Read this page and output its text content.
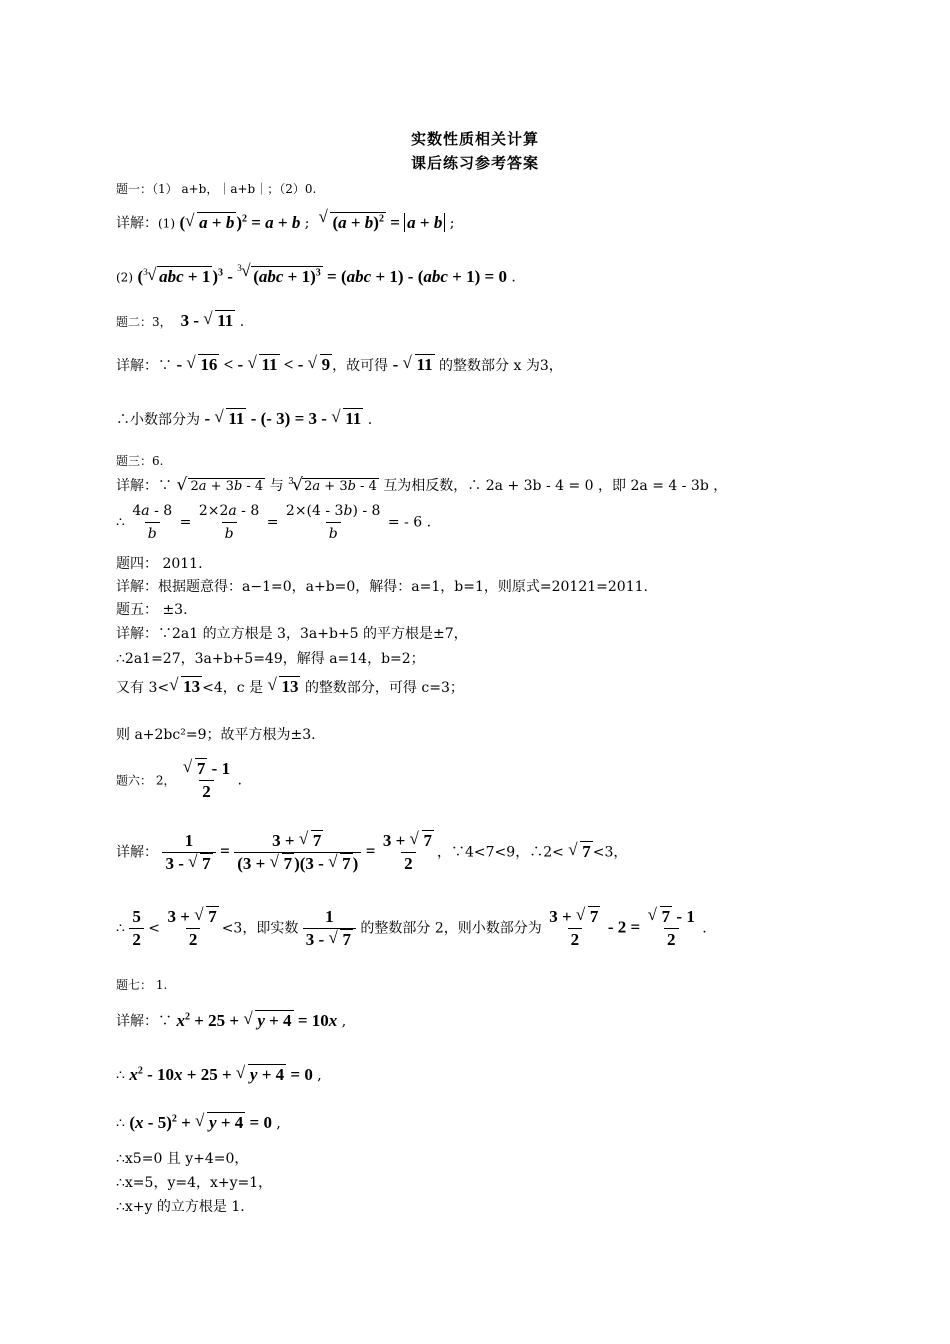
实数性质相关计算
课后练习参考答案
题一：（1） a+b，｜a+b｜；（2）0.
详解：(1) ( √ a + b )$^2$ = a + b ;  √ $(a + b)^2 = a + b$ ;
(2) ( √ 3 abc + 1 )$^3$ - √ 3 (abc + 1)$^3$ = (abc + 1) - (abc + 1) = 0 .
题二：3， 3 - √ 11 .
详解：∵ - √ 16 < - √ 11 < - √ 9 ，故可得 - √ 11 的整数部分 x 为3，
∴小数部分为 - √ 11 - (- 3) = 3 - √ 11 .
题三：6.
详解：∵ √ 2a + 3b - 4 与 √ 3 2a + 3b - 4 互为相反数，∴ 2a + 3b - 4 = 0 ，即 2a = 4 - 3b ，
∴ $\frac{4a - 8}{b} = \frac{2\times 2a - 8}{b} = \frac{2\times(4 - 3b) - 8}{b}$ = - 6 .
题四： 2011.
详解：根据题意得：a−1=0，a+b=0，解得：a=1，b=1，则原式=20121=2011.
题五： ±3.
详解：∵2a1 的立方根是 3，3a+b+5 的平方根是±7，
∴2a1=27，3a+b+5=49，解得 a=14，b=2；
又有 3< √ 13 <4，c 是 √ 13 的整数部分，可得 c=3；
则 a+2bc²=9；故平方根为±3.
题六： 2， √ $\frac{7 - 1}{2}$ .
详解： $\frac{1}{3 - √ 7} = \frac{3 + √ 7}{(3 + √ 7 )(3 - √ 7 )} = \frac{3 + √ 7}{2}$ ，∵4<7<9，∴2< √ 7 <3，
∴ $\frac{5}{2} < \frac{3 + √ 7}{2} <3$，即实数 $\frac{1}{3 - √ 7}$ 的整数部分 2，则小数部分为 $\frac{3 + √ 7}{2} - 2$ = √ $\frac{7 - 1}{2}$ .
题七： 1.
详解：∵ $x^2 + 25$ + √ y + 4 = 10x ,
∴ $x^2 - 10x + 25$ + √ y + 4 = 0 ,
∴ (x - 5)$^2$ + √ y + 4 = 0 ,
∴x5=0 且 y+4=0，
∴x=5，y=4，x+y=1，
∴x+y 的立方根是 1.
